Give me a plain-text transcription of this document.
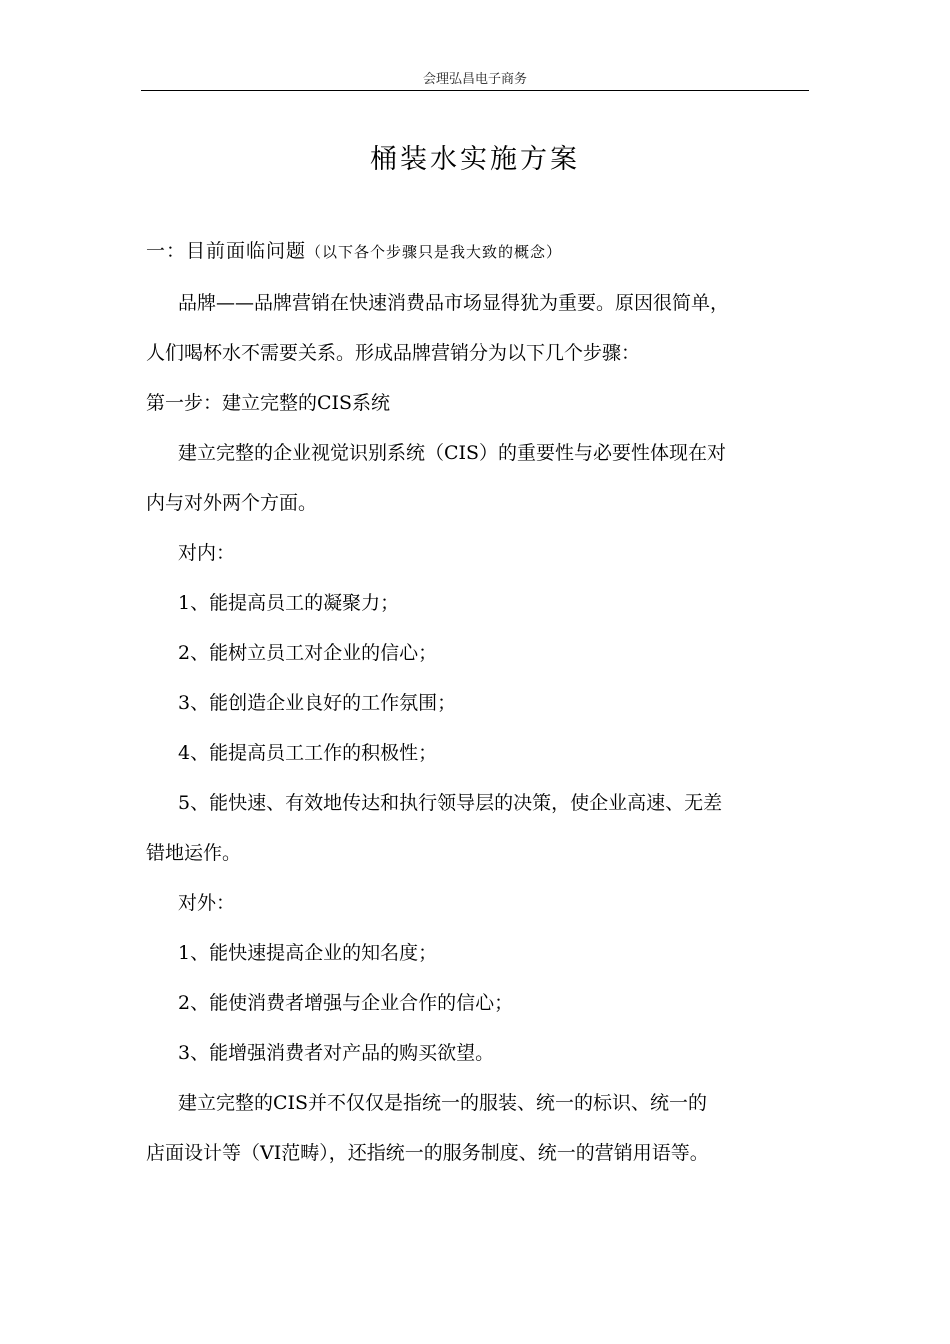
会理弘昌电子商务
桶装水实施方案
一：目前面临问题（以下各个步骤只是我大致的概念）
品牌——品牌营销在快速消费品市场显得犹为重要。原因很简单，
人们喝杯水不需要关系。形成品牌营销分为以下几个步骤：
第一步：建立完整的CIS系统
建立完整的企业视觉识别系统（CIS）的重要性与必要性体现在对
内与对外两个方面。
对内：
1、能提高员工的凝聚力；
2、能树立员工对企业的信心；
3、能创造企业良好的工作氛围；
4、能提高员工工作的积极性；
5、能快速、有效地传达和执行领导层的决策，使企业高速、无差
错地运作。
对外：
1、能快速提高企业的知名度；
2、能使消费者增强与企业合作的信心；
3、能增强消费者对产品的购买欲望。
建立完整的CIS并不仅仅是指统一的服装、统一的标识、统一的
店面设计等（VI范畴），还指统一的服务制度、统一的营销用语等。
